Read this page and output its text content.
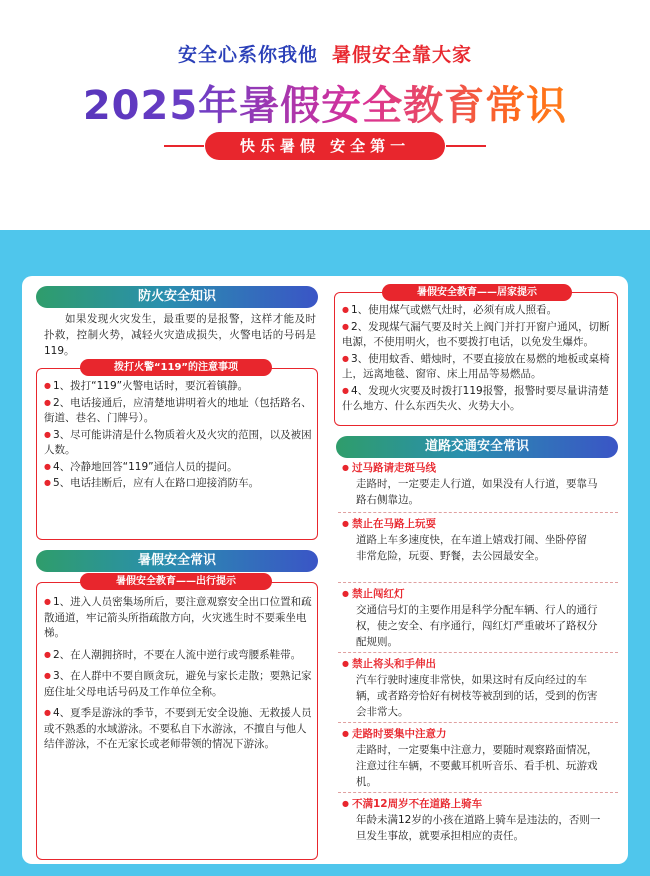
安全心系你我他 暑假安全靠大家
2025年暑假安全教育常识
快乐暑假 安全第一
防火安全知识
如果发现火灾发生，最重要的是报警，这样才能及时扑救，控制火势，减轻火灾造成损失，火警电话的号码是119。
拨打火警“119”的注意事项
● 1、拨打“119”火警电话时，要沉着镇静。
● 2、电话接通后，应清楚地讲明着火的地址（包括路名、街道、巷名、门牌号）。
● 3、尽可能讲清是什么物质着火及火灾的范围，以及被困人数。
● 4、冷静地回答“119”通信人员的提问。
● 5、电话挂断后，应有人在路口迎接消防车。
暑假安全常识
暑假安全教育——出行提示
● 1、进入人员密集场所后，要注意观察安全出口位置和疏散通道，牢记箭头所指疏散方向，火灾逃生时不要乘坐电梯。
● 2、在人潮拥挤时，不要在人流中逆行或弯腰系鞋带。
● 3、在人群中不要自顾贪玩，避免与家长走散；要熟记家庭住址父母电话号码及工作单位全称。
● 4、夏季是游泳的季节，不要到无安全设施、无救援人员或不熟悉的水域游泳。不要私自下水游泳，不擅自与他人结伴游泳，不在无家长或老师带领的情况下游泳。
暑假安全教育——居家提示
● 1、使用煤气或燃气灶时，必须有成人照看。
● 2、发现煤气漏气要及时关上阀门并打开窗户通风，切断电源，不使用明火，也不要拨打电话，以免发生爆炸。
● 3、使用蚊香、蜡烛时，不要直接放在易燃的地板或桌椅上，远离地毯、窗帘、床上用品等易燃品。
● 4、发现火灾要及时拨打119报警，报警时要尽量讲清楚什么地方、什么东西失火、火势大小。
道路交通安全常识
● 过马路请走斑马线
走路时，一定要走人行道，如果没有人行道，要靠马路右侧靠边。
● 禁止在马路上玩耍
道路上车多速度快，在车道上嬉戏打闹、坐卧停留非常危险，玩耍、野餐，去公园最安全。
● 禁止闯红灯
交通信号灯的主要作用是科学分配车辆、行人的通行权，使之安全、有序通行，闯红灯严重破坏了路权分配规则。
● 禁止将头和手伸出
汽车行驶时速度非常快，如果这时有反向经过的车辆，或者路旁恰好有树枝等被刮到的话，受到的伤害会非常大。
● 走路时要集中注意力
走路时，一定要集中注意力，要随时观察路面情况，注意过往车辆，不要戴耳机听音乐、看手机、玩游戏机。
● 不满12周岁不在道路上骑车
年龄未满12岁的小孩在道路上骑车是违法的，否则一旦发生事故，就要承担相应的责任。
